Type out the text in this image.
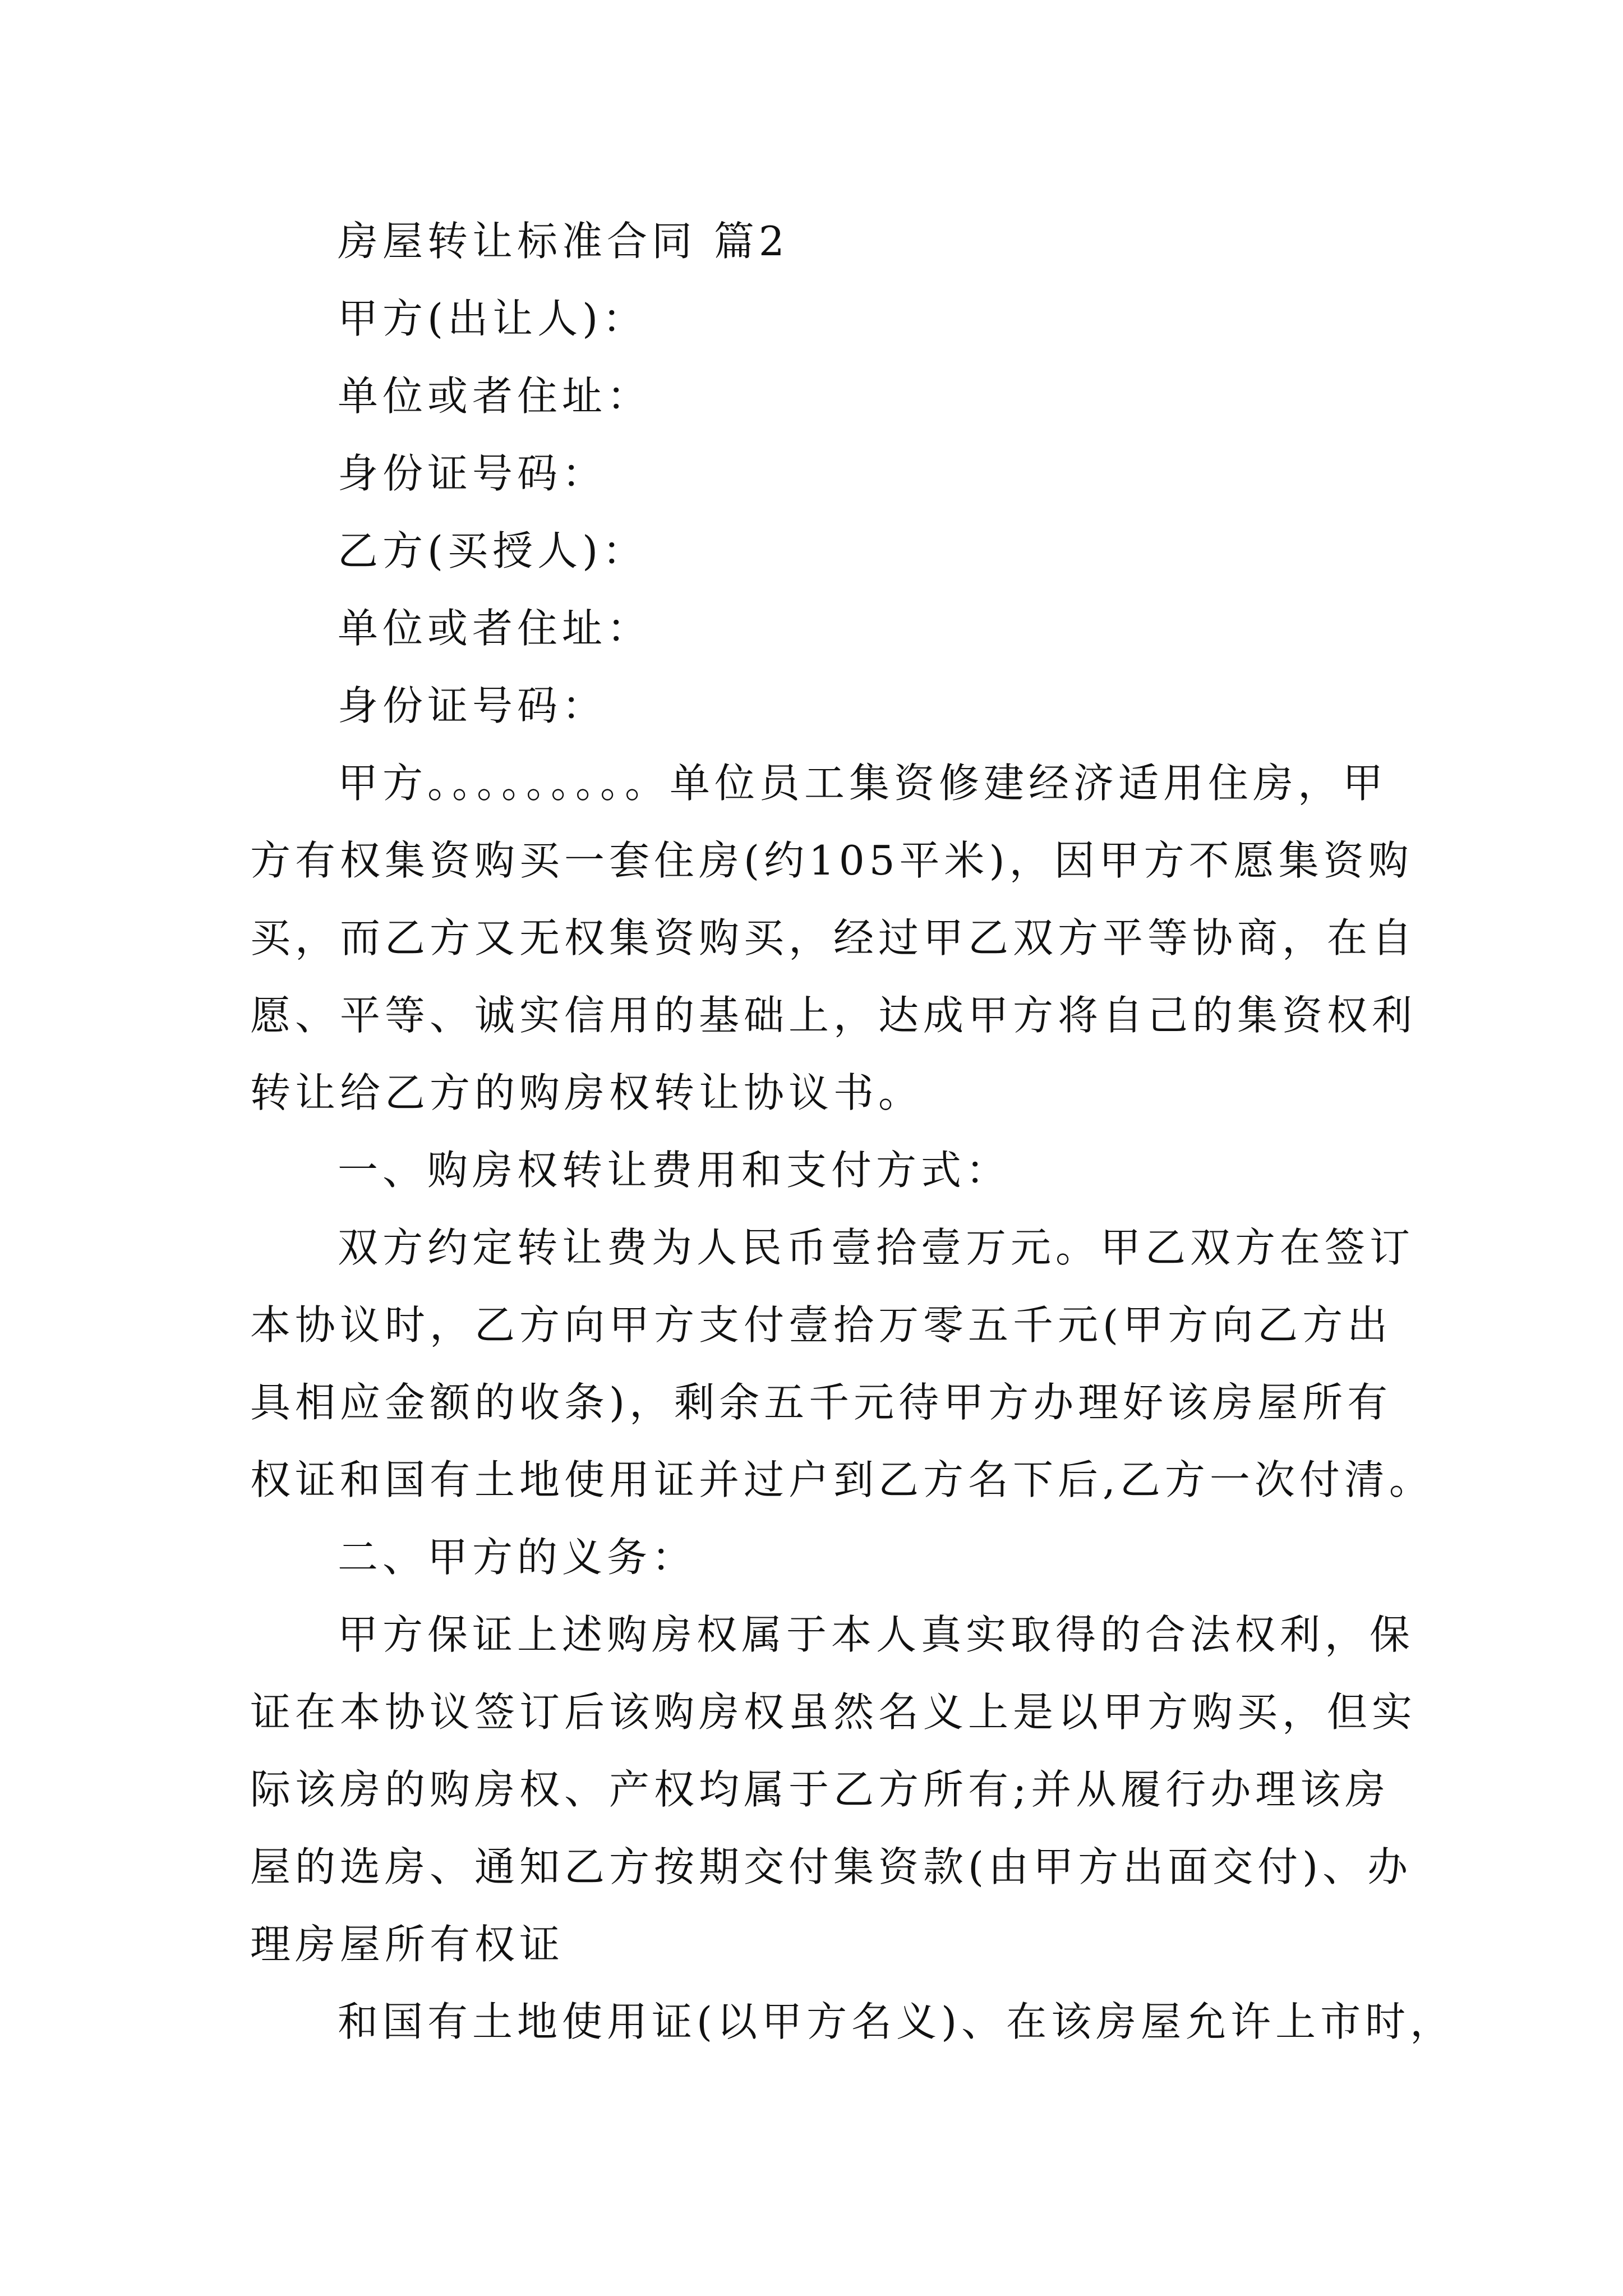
房屋转让标准合同 篇2
甲方(出让人)：
单位或者住址：
身份证号码：
乙方(买授人)：
单位或者住址：
身份证号码：
甲方。。。。。。。。。单位员工集资修建经济适用住房，甲
方有权集资购买一套住房(约105平米)，因甲方不愿集资购
买，而乙方又无权集资购买，经过甲乙双方平等协商，在自
愿、平等、诚实信用的基础上，达成甲方将自己的集资权利
转让给乙方的购房权转让协议书。
一、购房权转让费用和支付方式：
双方约定转让费为人民币壹拾壹万元。甲乙双方在签订
本协议时，乙方向甲方支付壹拾万零五千元(甲方向乙方出
具相应金额的收条)，剩余五千元待甲方办理好该房屋所有
权证和国有土地使用证并过户到乙方名下后,乙方一次付清。
二、甲方的义务：
甲方保证上述购房权属于本人真实取得的合法权利，保
证在本协议签订后该购房权虽然名义上是以甲方购买，但实
际该房的购房权、产权均属于乙方所有;并从履行办理该房
屋的选房、通知乙方按期交付集资款(由甲方出面交付)、办
理房屋所有权证
和国有土地使用证(以甲方名义)、在该房屋允许上市时，
